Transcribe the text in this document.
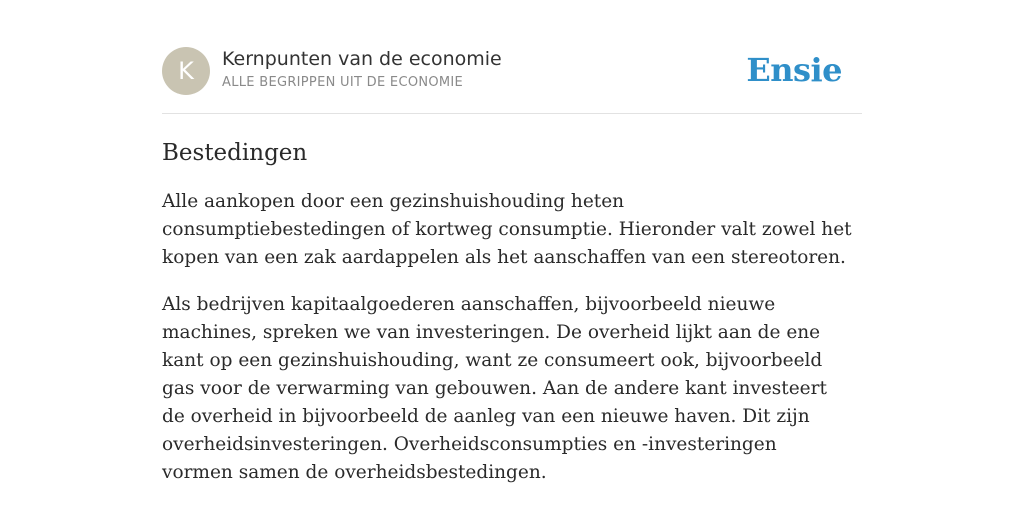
K	Kernpunten van de economie
ALLE BEGRIPPEN UIT DE ECONOMIE	Ensie
Bestedingen

Alle aankopen door een gezinshuishouding heten consumptiebestedingen of kortweg consumptie. Hieronder valt zowel het kopen van een zak aardappelen als het aanschaffen van een stereotoren.

Als bedrijven kapitaalgoederen aanschaffen, bijvoorbeeld nieuwe machines, spreken we van investeringen. De overheid lijkt aan de ene kant op een gezinshuishouding, want ze consumeert ook, bijvoorbeeld gas voor de verwarming van gebouwen. Aan de andere kant investeert de overheid in bijvoorbeeld de aanleg van een nieuwe haven. Dit zijn overheidsinvesteringen. Overheidsconsumpties en -investeringen vormen samen de overheidsbestedingen.
